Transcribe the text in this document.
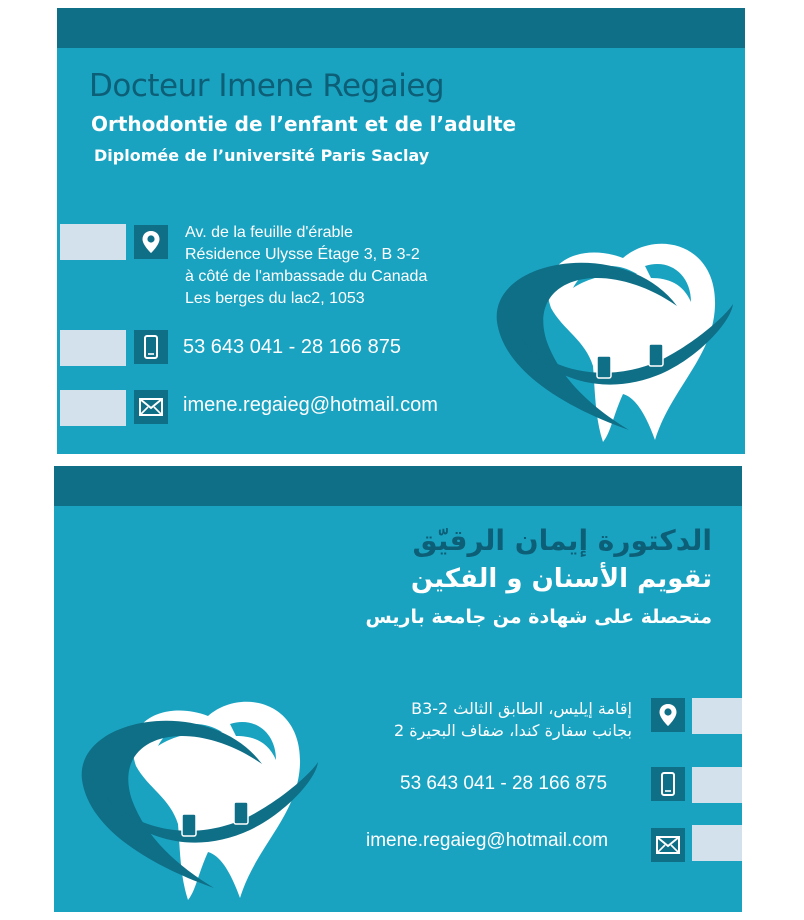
Docteur Imene Regaieg
Orthodontie de l’enfant et de l’adulte
Diplomée de l’université Paris Saclay
Av. de la feuille d'érable
Résidence Ulysse Étage 3, B 3-2
à côté de l'ambassade du Canada
Les berges du lac2, 1053
53 643 041 - 28 166 875
imene.regaieg@hotmail.com
الدكتورة إيمان الرقيّق
تقويم الأسنان و الفكين
متحصلة على شهادة من جامعة باريس
إقامة إيليس، الطابق الثالث B3-2
بجانب سفارة كندا، ضفاف البحيرة 2
53 643 041 - 28 166 875
imene.regaieg@hotmail.com
